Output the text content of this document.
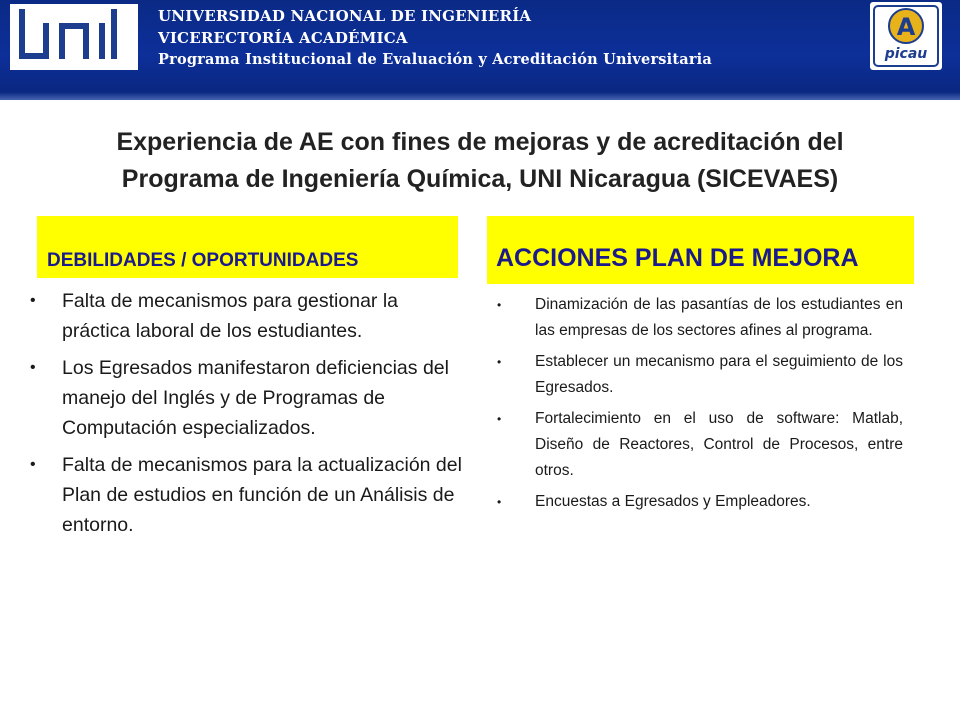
UNIVERSIDAD NACIONAL DE INGENIERÍA
VICERECTORÍA ACADÉMICA
Programa Institucional de Evaluación y Acreditación Universitaria
A
picau
Experiencia de AE con fines de mejoras y de acreditación del
Programa de Ingeniería Química, UNI Nicaragua (SICEVAES)
DEBILIDADES / OPORTUNIDADES
• Falta de mecanismos para gestionar la práctica laboral de los estudiantes.
• Los Egresados manifestaron deficiencias del manejo del Inglés y de Programas de Computación especializados.
• Falta de mecanismos para la actualización del Plan de estudios en función de un Análisis de entorno.
ACCIONES PLAN DE MEJORA
• Dinamización de las pasantías de los estudiantes en las empresas de los sectores afines al programa.
• Establecer un mecanismo para el seguimiento de los Egresados.
• Fortalecimiento en el uso de software: Matlab, Diseño de Reactores, Control de Procesos, entre otros.
• Encuestas a Egresados y Empleadores.
